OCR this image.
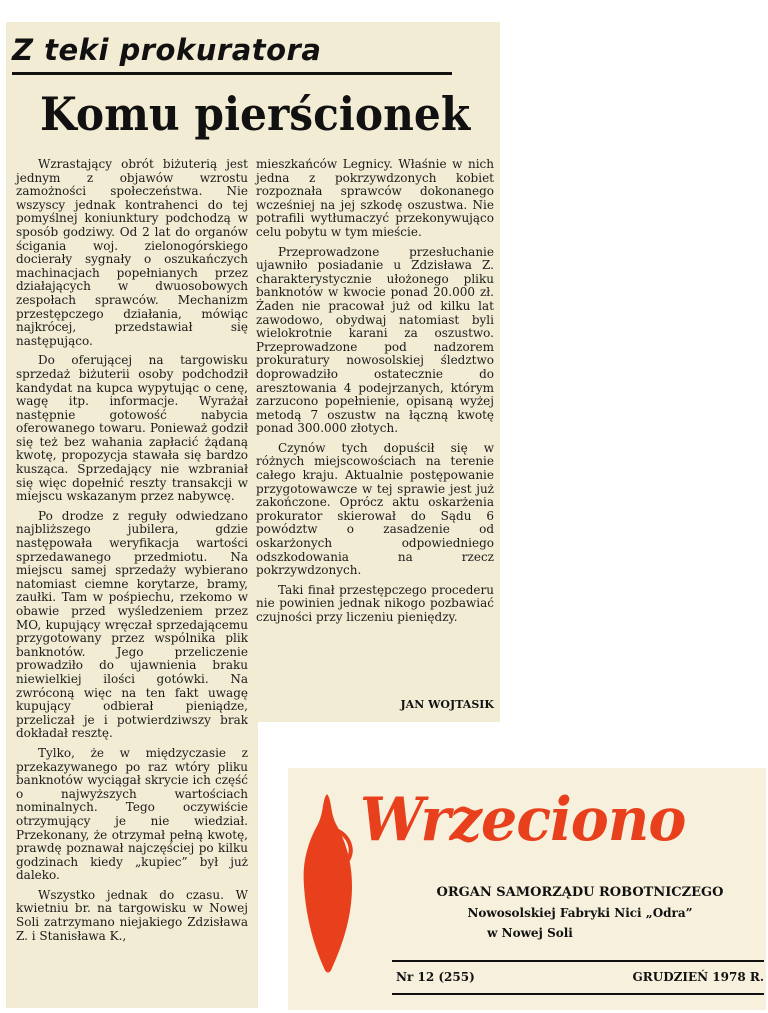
Z teki prokuratora
Komu pierścionek

Wzrastający obrót biżuterią jest jednym z objawów wzrostu zamożności społeczeństwa. Nie wszyscy jednak kontrahenci do tej pomyślnej koniunktury podchodzą w sposób godziwy. Od 2 lat do organów ścigania woj. zielonogórskiego docierały sygnały o oszukańczych machinacjach popełnianych przez działających w dwuosobowych zespołach sprawców. Mechanizm przestępczego działania, mówiąc najkrócej, przedstawiał się następująco.

Do oferującej na targowisku sprzedaż biżuterii osoby podchodził kandydat na kupca wypytując o cenę, wagę itp. informacje. Wyrażał następnie gotowość nabycia oferowanego towaru. Ponieważ godził się też bez wahania zapłacić żądaną kwotę, propozycja stawała się bardzo kusząca. Sprzedający nie wzbraniał się więc dopełnić reszty transakcji w miejscu wskazanym przez nabywcę.

Po drodze z reguły odwiedzano najbliższego jubilera, gdzie następowała weryfikacja wartości sprzedawanego przedmiotu. Na miejscu samej sprzedaży wybierano natomiast ciemne korytarze, bramy, zaułki. Tam w pośpiechu, rzekomo w obawie przed wyśledzeniem przez MO, kupujący wręczał sprzedającemu przygotowany przez wspólnika plik banknotów. Jego przeliczenie prowadziło do ujawnienia braku niewielkiej ilości gotówki. Na zwróconą więc na ten fakt uwagę kupujący odbierał pieniądze, przeliczał je i potwierdziwszy brak dokładał resztę.

Tylko, że w międzyczasie z przekazywanego po raz wtóry pliku banknotów wyciągał skrycie ich część o najwyższych wartościach nominalnych. Tego oczywiście otrzymujący je nie wiedział. Przekonany, że otrzymał pełną kwotę, prawdę poznawał najczęściej po kilku godzinach kiedy „kupiec” był już daleko.

Wszystko jednak do czasu. W kwietniu br. na targowisku w Nowej Soli zatrzymano niejakiego Zdzisława Z. i Stanisława K.,

mieszkańców Legnicy. Właśnie w nich jedna z pokrzywdzonych kobiet rozpoznała sprawców dokonanego wcześniej na jej szkodę oszustwa. Nie potrafili wytłumaczyć przekonywująco celu pobytu w tym mieście.

Przeprowadzone przesłuchanie ujawniło posiadanie u Zdzisława Z. charakterystycznie ułożonego pliku banknotów w kwocie ponad 20.000 zł. Żaden nie pracował już od kilku lat zawodowo, obydwaj natomiast byli wielokrotnie karani za oszustwo. Przeprowadzone pod nadzorem prokuratury nowosolskiej śledztwo doprowadziło ostatecznie do aresztowania 4 podejrzanych, którym zarzucono popełnienie, opisaną wyżej metodą 7 oszustw na łączną kwotę ponad 300.000 złotych.

Czynów tych dopuścił się w różnych miejscowościach na terenie całego kraju. Aktualnie postępowanie przygotowawcze w tej sprawie jest już zakończone. Oprócz aktu oskarżenia prokurator skierował do Sądu 6 powództw o zasadzenie od oskarżonych odpowiedniego odszkodowania na rzecz pokrzywdzonych.

Taki finał przestępczego procederu nie powinien jednak nikogo pozbawiać czujności przy liczeniu pieniędzy.

JAN WOJTASIK
Wrzeciono
ORGAN SAMORZĄDU ROBOTNICZEGO
Nowosolskiej Fabryki Nici „Odra”
w Nowej Soli
Nr 12 (255)	GRUDZIEŃ 1978 R.
